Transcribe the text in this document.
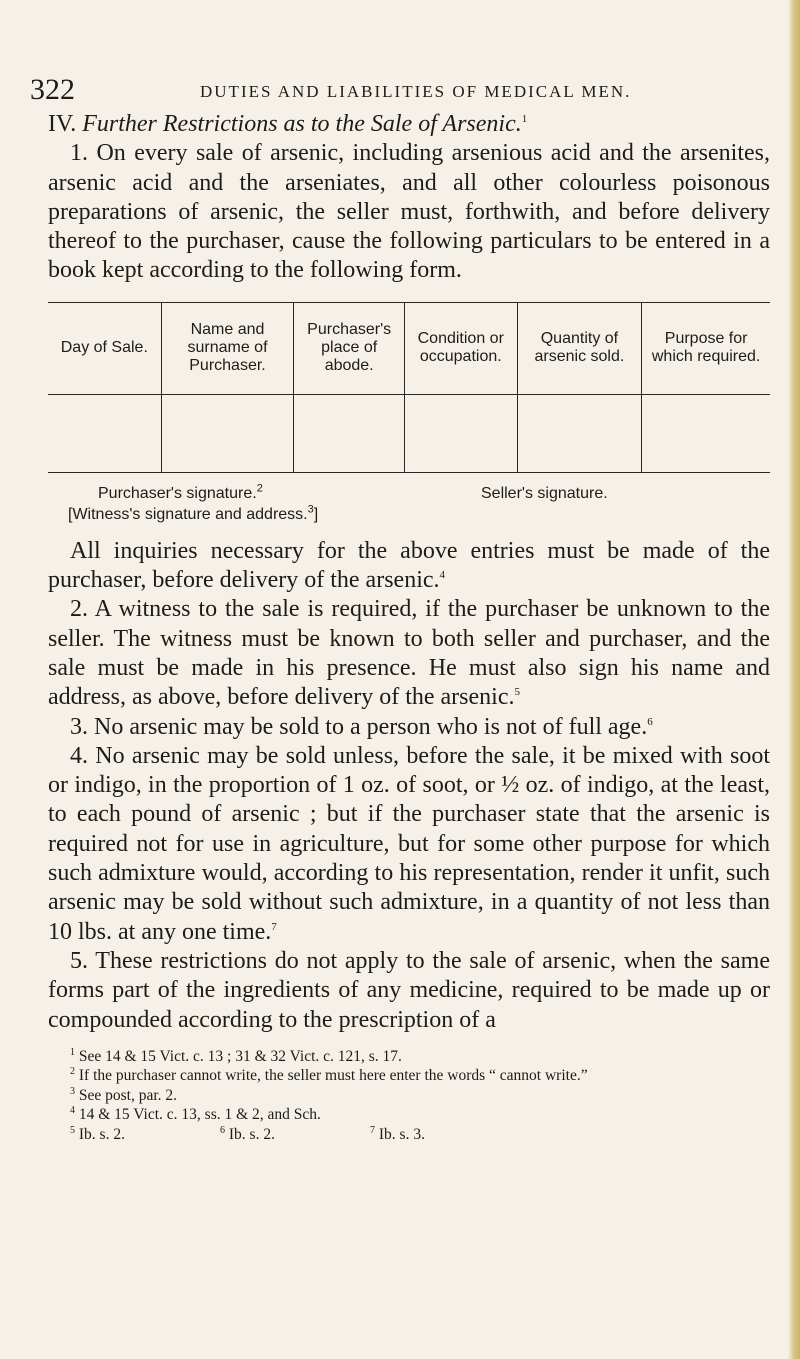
322	DUTIES AND LIABILITIES OF MEDICAL MEN.

IV. Further Restrictions as to the Sale of Arsenic.$^1$

1. On every sale of arsenic, including arsenious acid and the arsenites, arsenic acid and the arseniates, and all other colourless poisonous preparations of arsenic, the seller must, forthwith, and before delivery thereof to the purchaser, cause the following particulars to be entered in a book kept according to the following form.

Day of Sale.	Name and surname of Purchaser.	Purchaser's place of abode.	Condition or occupation.	Quantity of arsenic sold.	Purpose for which required.

Purchaser's signature.$^2$	Seller's signature.
[Witness's signature and address.$^3$]

All inquiries necessary for the above entries must be made of the purchaser, before delivery of the arsenic.$^4$

2. A witness to the sale is required, if the purchaser be unknown to the seller. The witness must be known to both seller and purchaser, and the sale must be made in his presence. He must also sign his name and address, as above, before delivery of the arsenic.$^5$

3. No arsenic may be sold to a person who is not of full age.$^6$

4. No arsenic may be sold unless, before the sale, it be mixed with soot or indigo, in the proportion of 1 oz. of soot, or ½ oz. of indigo, at the least, to each pound of arsenic ; but if the purchaser state that the arsenic is required not for use in agriculture, but for some other purpose for which such admixture would, according to his representation, render it unfit, such arsenic may be sold without such admixture, in a quantity of not less than 10 lbs. at any one time.$^7$

5. These restrictions do not apply to the sale of arsenic, when the same forms part of the ingredients of any medicine, required to be made up or compounded according to the prescription of a

$^1$ See 14 & 15 Vict. c. 13 ; 31 & 32 Vict. c. 121, s. 17.

$^2$ If the purchaser cannot write, the seller must here enter the words “ cannot write.”

$^3$ See post, par. 2.

$^4$ 14 & 15 Vict. c. 13, ss. 1 & 2, and Sch.

$^5$ Ib. s. 2.	$^6$ Ib. s. 2.	$^7$ Ib. s. 3.
